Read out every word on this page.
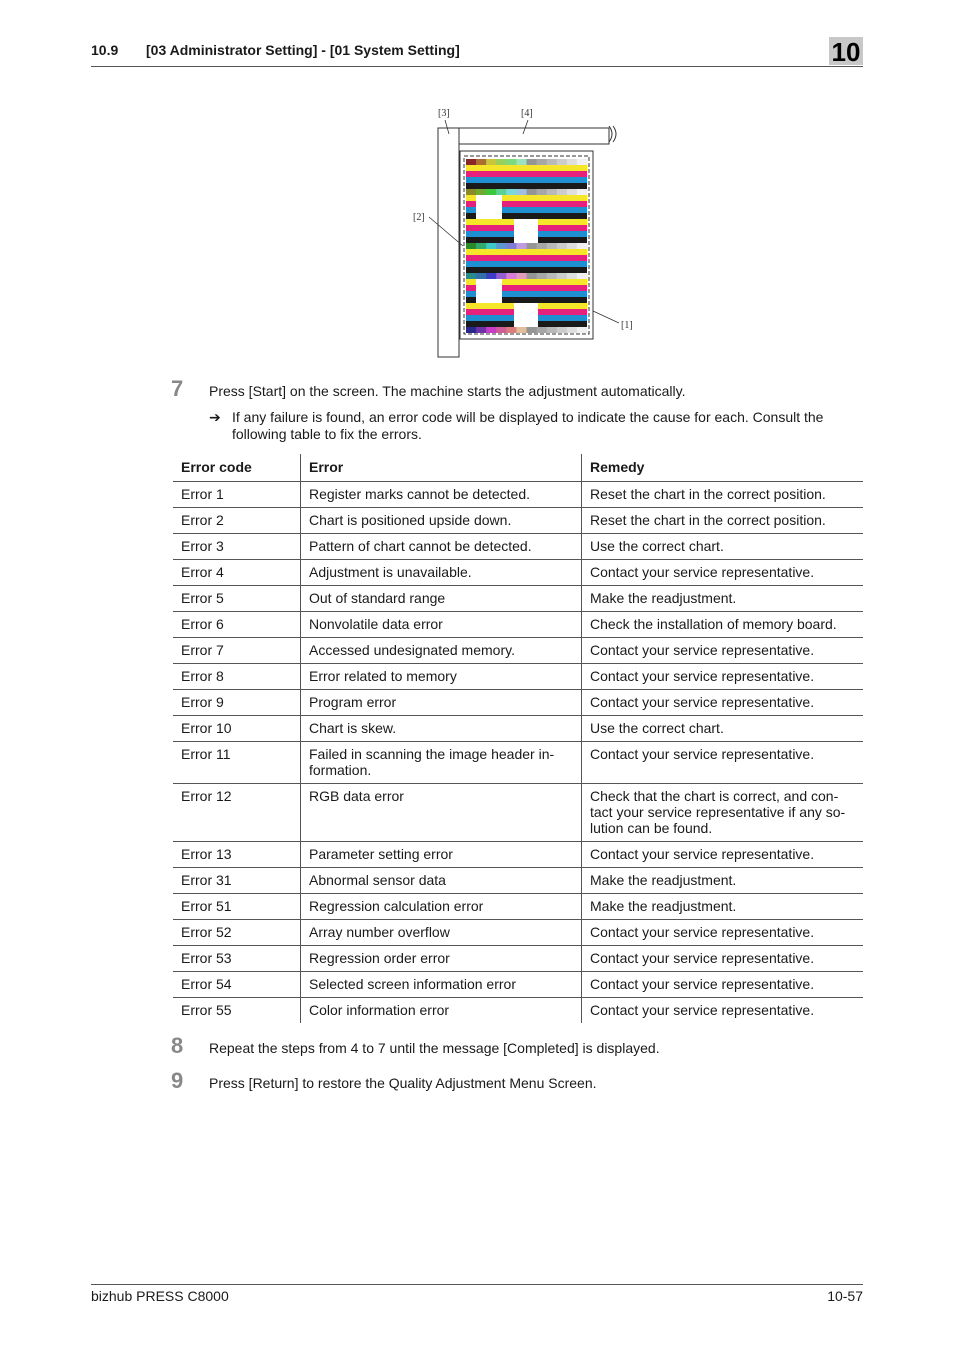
10.9 [03 Administrator Setting] - [01 System Setting]	10
[3]	[4]
[2]
[1]
7 Press [Start] on the screen. The machine starts the adjustment automatically.
➔ If any failure is found, an error code will be displayed to indicate the cause for each. Consult the following table to fix the errors.
Error code	Error	Remedy
Error 1	Register marks cannot be detected.	Reset the chart in the correct position.
Error 2	Chart is positioned upside down.	Reset the chart in the correct position.
Error 3	Pattern of chart cannot be detected.	Use the correct chart.
Error 4	Adjustment is unavailable.	Contact your service representative.
Error 5	Out of standard range	Make the readjustment.
Error 6	Nonvolatile data error	Check the installation of memory board.
Error 7	Accessed undesignated memory.	Contact your service representative.
Error 8	Error related to memory	Contact your service representative.
Error 9	Program error	Contact your service representative.
Error 10	Chart is skew.	Use the correct chart.
Error 11	Failed in scanning the image header in-formation.	Contact your service representative.
Error 12	RGB data error	Check that the chart is correct, and con-tact your service representative if any so-lution can be found.
Error 13	Parameter setting error	Contact your service representative.
Error 31	Abnormal sensor data	Make the readjustment.
Error 51	Regression calculation error	Make the readjustment.
Error 52	Array number overflow	Contact your service representative.
Error 53	Regression order error	Contact your service representative.
Error 54	Selected screen information error	Contact your service representative.
Error 55	Color information error	Contact your service representative.
8 Repeat the steps from 4 to 7 until the message [Completed] is displayed.
9 Press [Return] to restore the Quality Adjustment Menu Screen.
bizhub PRESS C8000	10-57
